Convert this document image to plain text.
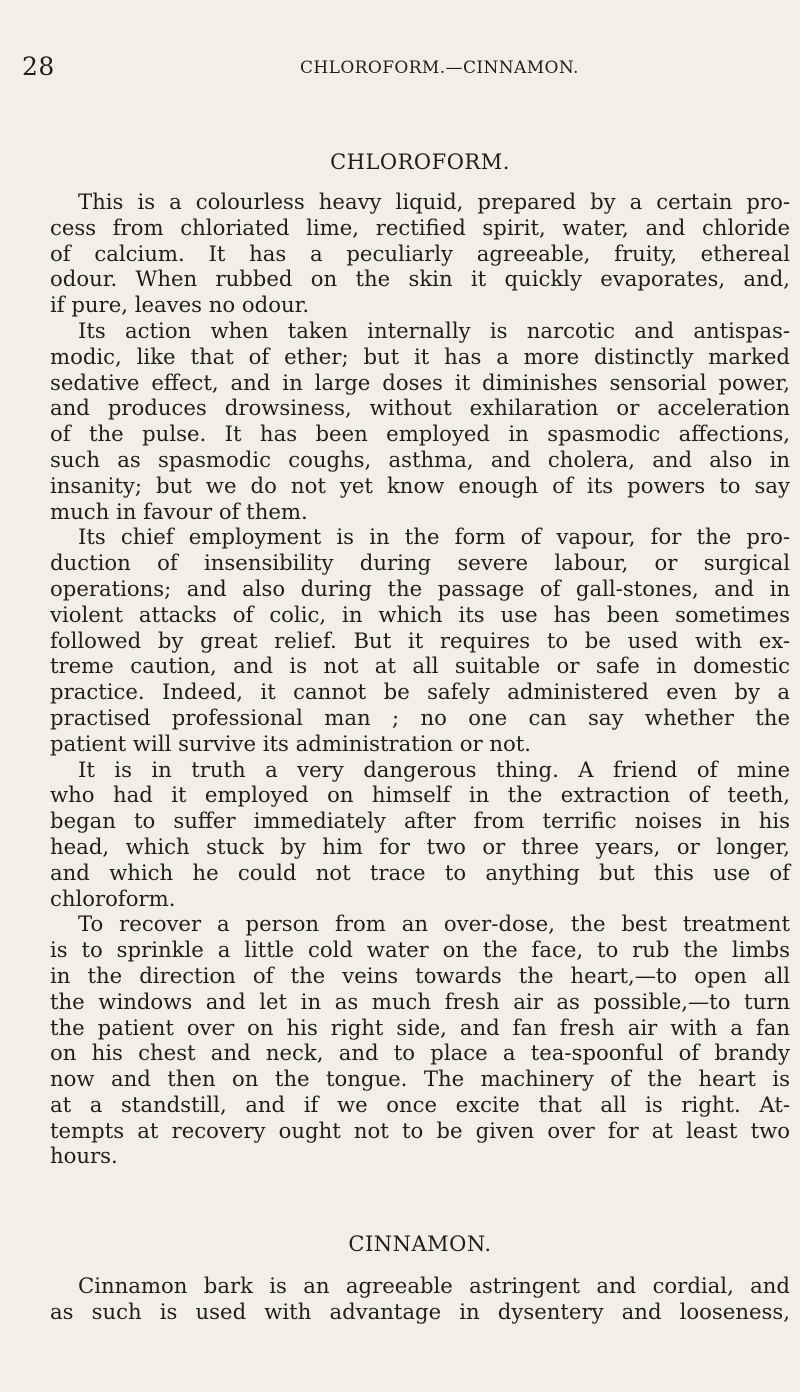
28	CHLOROFORM.—CINNAMON.
CHLOROFORM.
This is a colourless heavy liquid, prepared by a certain pro-
cess from chloriated lime, rectified spirit, water, and chloride
of calcium. It has a peculiarly agreeable, fruity, ethereal
odour. When rubbed on the skin it quickly evaporates, and,
if pure, leaves no odour.
Its action when taken internally is narcotic and antispas-
modic, like that of ether; but it has a more distinctly marked
sedative effect, and in large doses it diminishes sensorial power,
and produces drowsiness, without exhilaration or acceleration
of the pulse. It has been employed in spasmodic affections,
such as spasmodic coughs, asthma, and cholera, and also in
insanity; but we do not yet know enough of its powers to say
much in favour of them.
Its chief employment is in the form of vapour, for the pro-
duction of insensibility during severe labour, or surgical
operations; and also during the passage of gall-stones, and in
violent attacks of colic, in which its use has been sometimes
followed by great relief. But it requires to be used with ex-
treme caution, and is not at all suitable or safe in domestic
practice. Indeed, it cannot be safely administered even by a
practised professional man ; no one can say whether the
patient will survive its administration or not.
It is in truth a very dangerous thing. A friend of mine
who had it employed on himself in the extraction of teeth,
began to suffer immediately after from terrific noises in his
head, which stuck by him for two or three years, or longer,
and which he could not trace to anything but this use of
chloroform.
To recover a person from an over-dose, the best treatment
is to sprinkle a little cold water on the face, to rub the limbs
in the direction of the veins towards the heart,—to open all
the windows and let in as much fresh air as possible,—to turn
the patient over on his right side, and fan fresh air with a fan
on his chest and neck, and to place a tea-spoonful of brandy
now and then on the tongue. The machinery of the heart is
at a standstill, and if we once excite that all is right. At-
tempts at recovery ought not to be given over for at least two
hours.
CINNAMON.
Cinnamon bark is an agreeable astringent and cordial, and
as such is used with advantage in dysentery and looseness,
